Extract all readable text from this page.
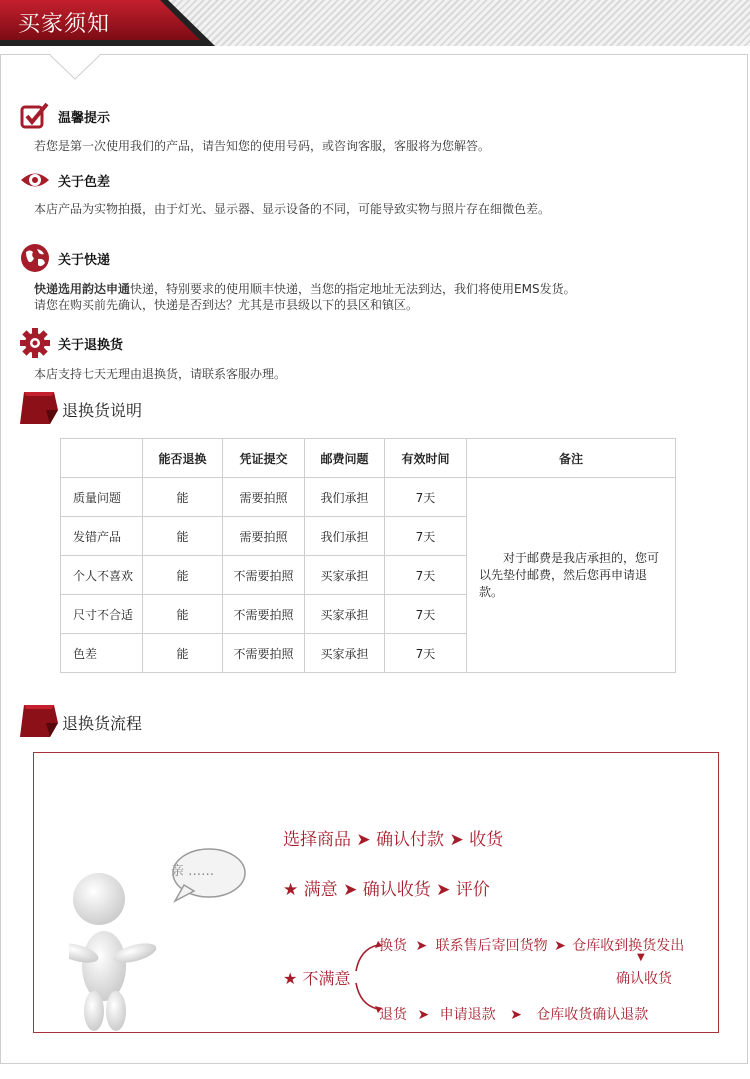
买家须知
温馨提示
若您是第一次使用我们的产品，请告知您的使用号码，或咨询客服，客服将为您解答。
关于色差
本店产品为实物拍摄，由于灯光、显示器、显示设备的不同，可能导致实物与照片存在细微色差。
关于快递
快递选用韵达申通快递，特别要求的使用顺丰快递，当您的指定地址无法到达，我们将使用EMS发货。
请您在购买前先确认，快递是否到达？尤其是市县级以下的县区和镇区。
关于退换货
本店支持七天无理由退换货，请联系客服办理。
退换货说明
	能否退换	凭证提交	邮费问题	有效时间	备注
质量问题	能	需要拍照	我们承担	7天	对于邮费是我店承担的，您可以先垫付邮费，然后您再申请退款。
发错产品	能	需要拍照	我们承担	7天	
个人不喜欢	能	不需要拍照	买家承担	7天	
尺寸不合适	能	不需要拍照	买家承担	7天	
色差	能	不需要拍照	买家承担	7天	
退换货流程
亲 ……
选择商品 ➤ 确认付款 ➤ 收货
★ 满意 ➤ 确认收货 ➤ 评价
★ 不满意
换货 ➤ 联系售后寄回货物 ➤ 仓库收到换货发出
▼
确认收货
退货 ➤ 申请退款 ➤ 仓库收货确认退款
